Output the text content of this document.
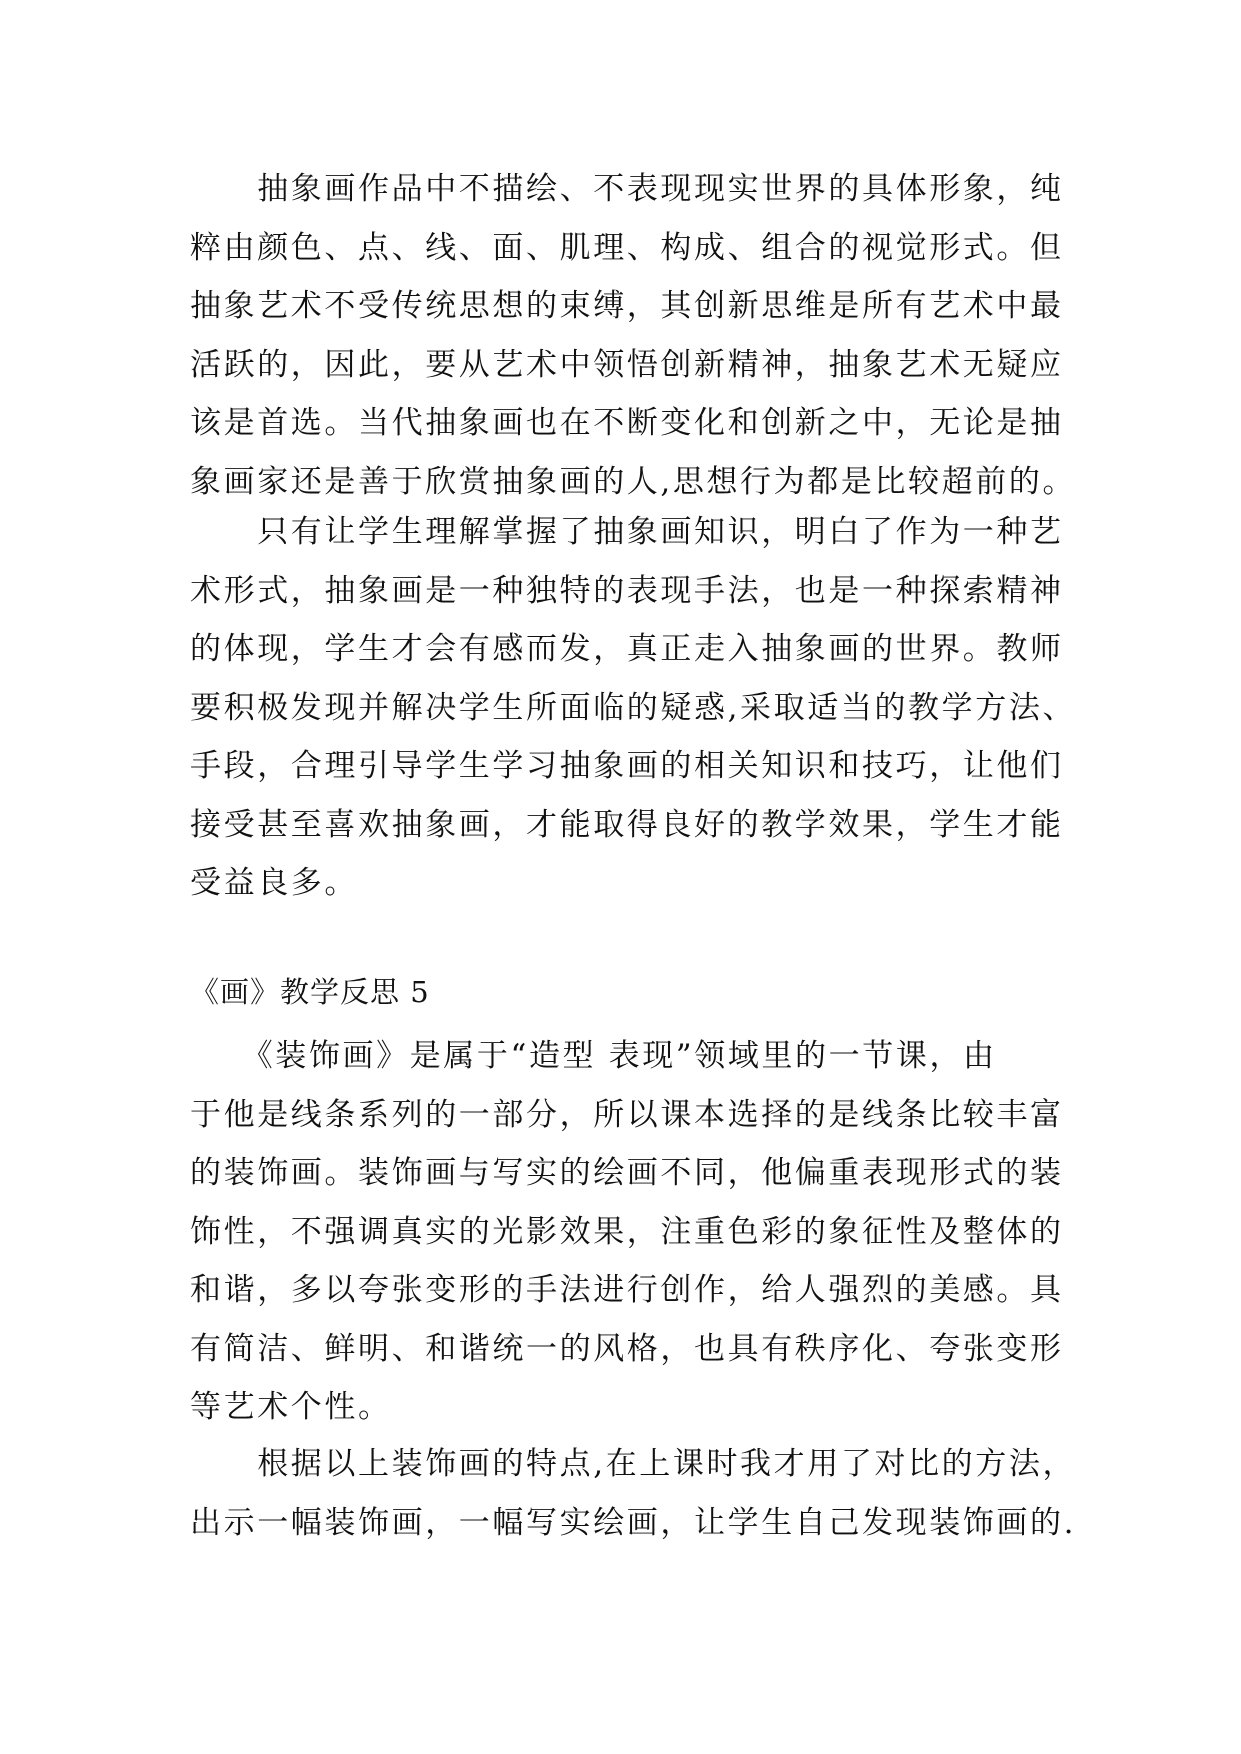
　　抽象画作品中不描绘、不表现现实世界的具体形象，纯
粹由颜色、点、线、面、肌理、构成、组合的视觉形式。但
抽象艺术不受传统思想的束缚，其创新思维是所有艺术中最
活跃的，因此，要从艺术中领悟创新精神，抽象艺术无疑应
该是首选。当代抽象画也在不断变化和创新之中，无论是抽
象画家还是善于欣赏抽象画的人,思想行为都是比较超前的。
　　只有让学生理解掌握了抽象画知识，明白了作为一种艺
术形式，抽象画是一种独特的表现手法，也是一种探索精神
的体现，学生才会有感而发，真正走入抽象画的世界。教师
要积极发现并解决学生所面临的疑惑,采取适当的教学方法、
手段，合理引导学生学习抽象画的相关知识和技巧，让他们
接受甚至喜欢抽象画，才能取得良好的教学效果，学生才能
受益良多。
《画》教学反思 5
　　《装饰画》是属于“造型 表现”领域里的一节课，由
于他是线条系列的一部分，所以课本选择的是线条比较丰富
的装饰画。装饰画与写实的绘画不同，他偏重表现形式的装
饰性，不强调真实的光影效果，注重色彩的象征性及整体的
和谐，多以夸张变形的手法进行创作，给人强烈的美感。具
有简洁、鲜明、和谐统一的风格，也具有秩序化、夸张变形
等艺术个性。
　　根据以上装饰画的特点,在上课时我才用了对比的方法，
出示一幅装饰画，一幅写实绘画，让学生自己发现装饰画的.
